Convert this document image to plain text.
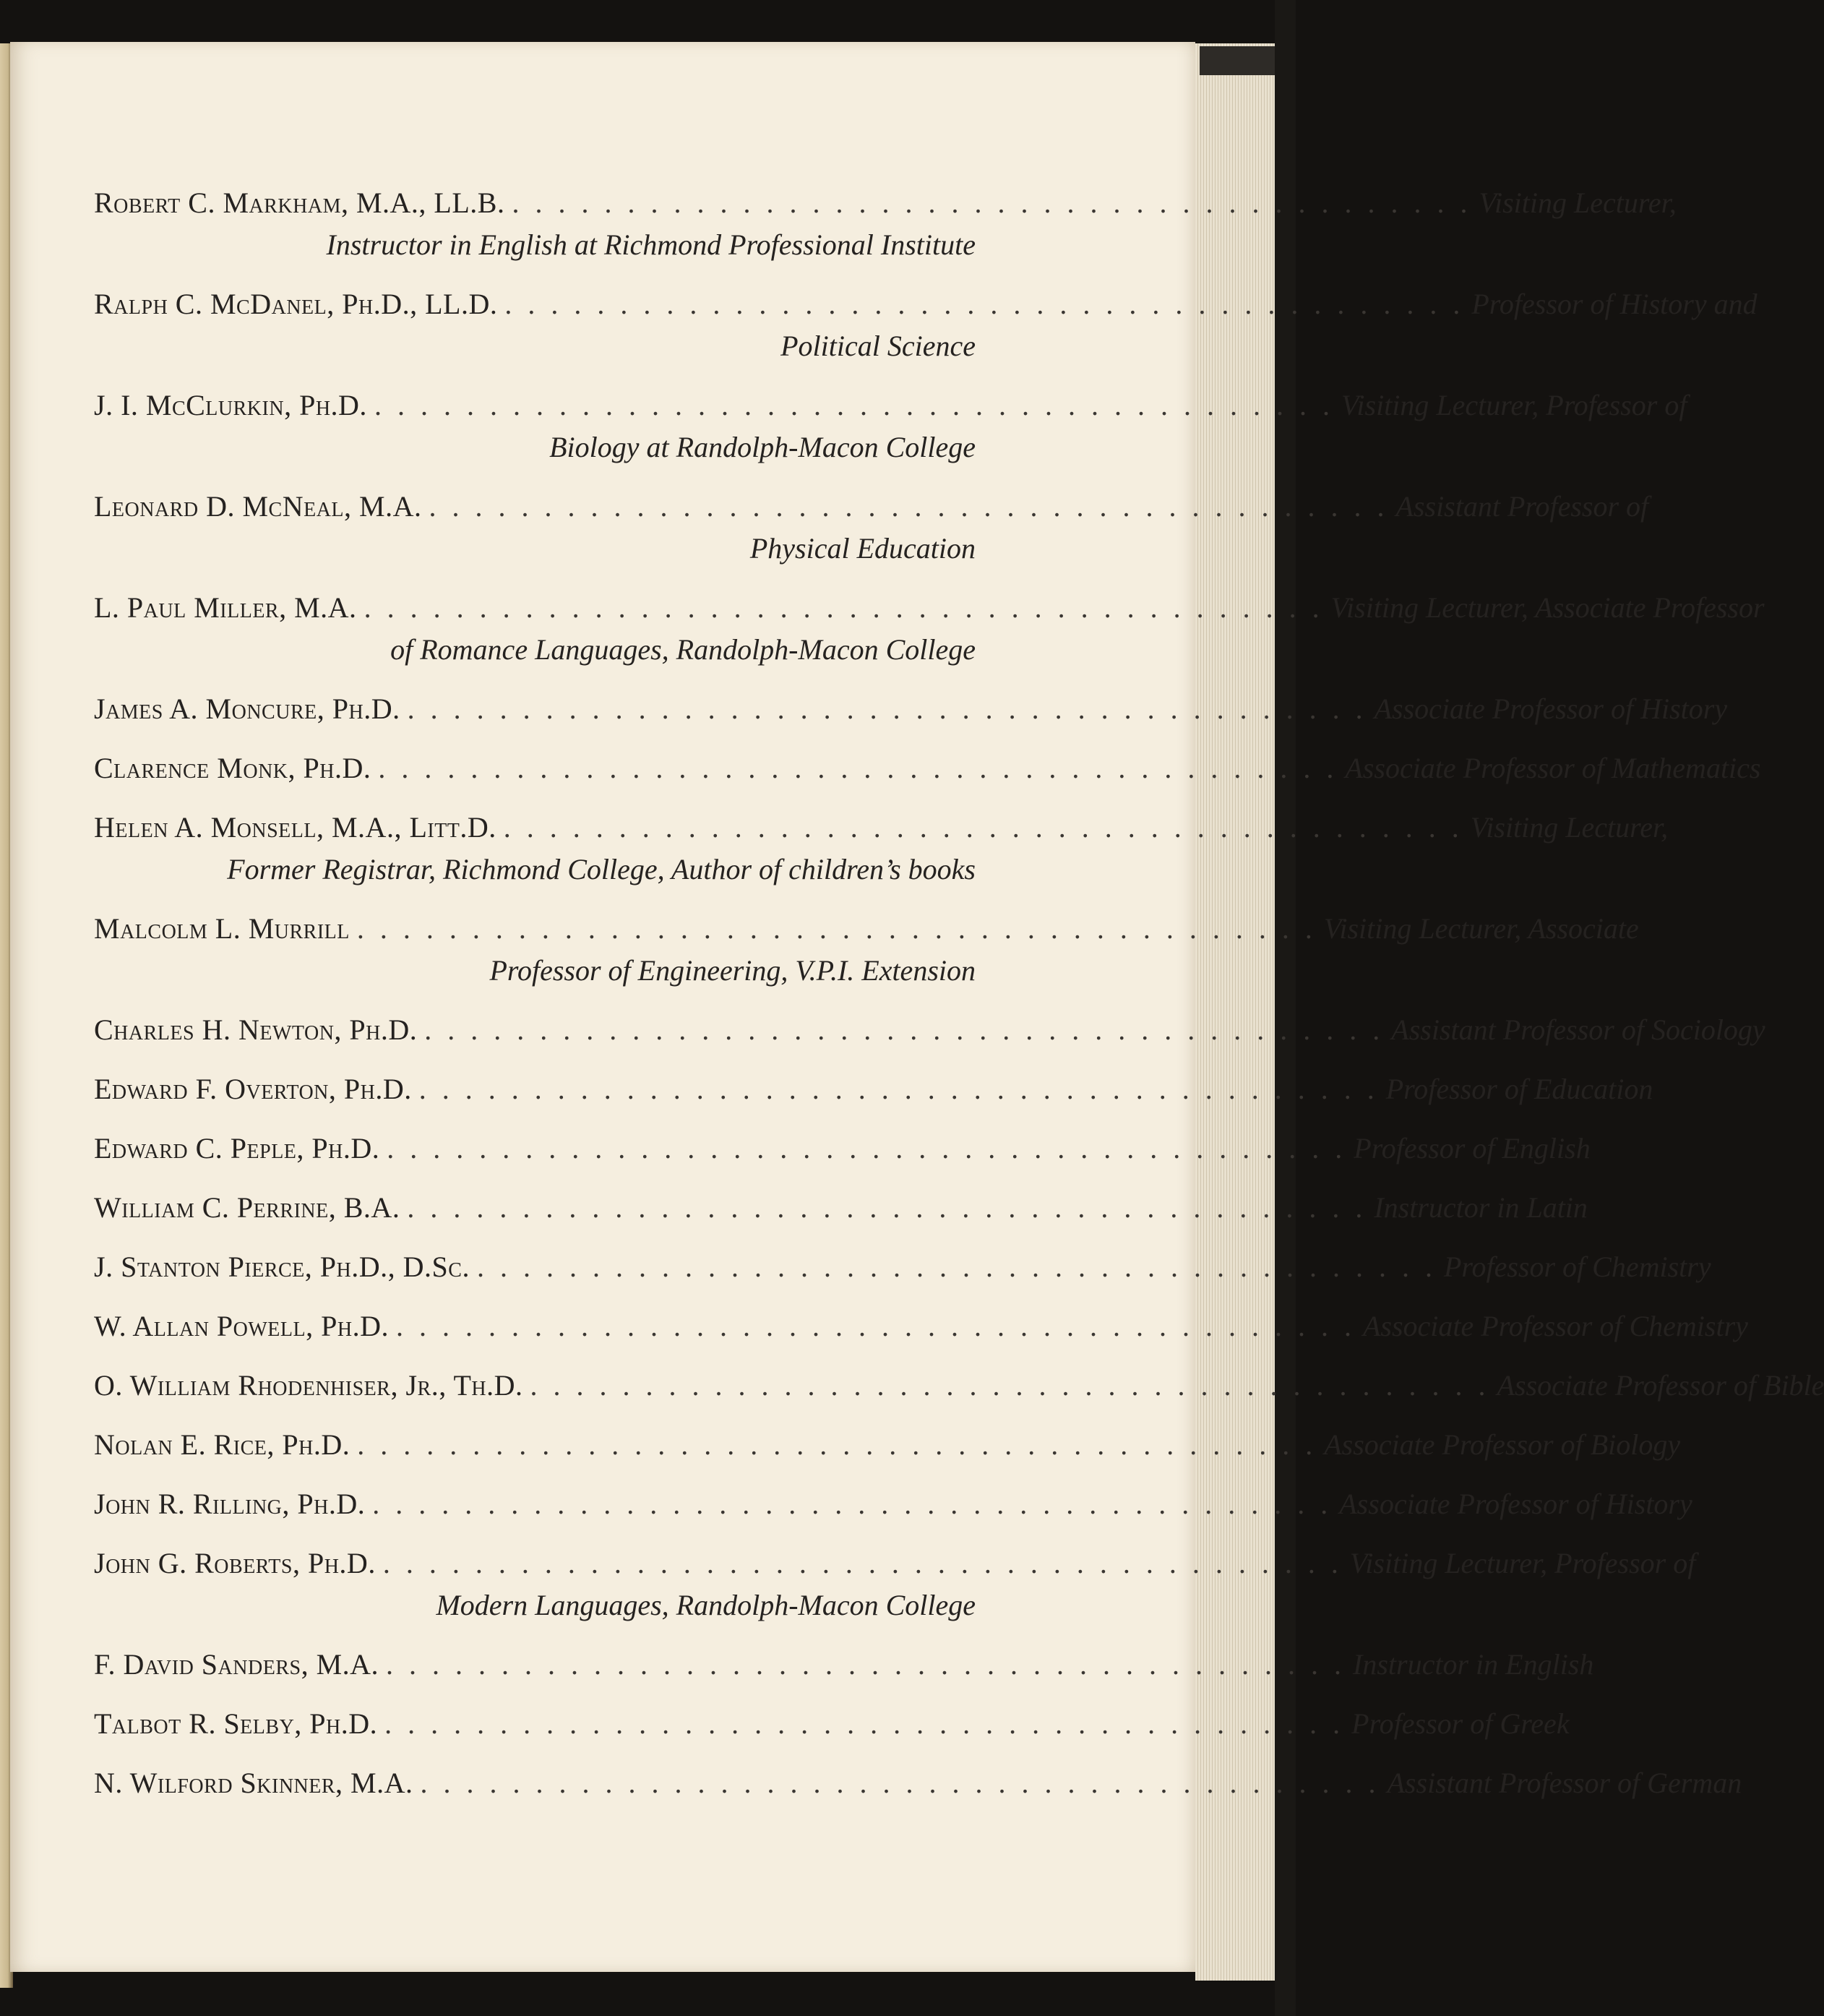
Robert C. Markham, M.A., LL.B. . . . . . . . . . . . . . . . . . . . . . . . . . . . . . . . . . . . . . . . . . . Visiting Lecturer,
Instructor in English at Richmond Professional Institute
Ralph C. McDanel, Ph.D., LL.D. . . . . . . . . . . . . . . . . . . . . . . . . . . . . . . . . . . . . . . . . . . Professor of History and
Political Science
J. I. McClurkin, Ph.D. . . . . . . . . . . . . . . . . . . . . . . . . . . . . . . . . . . . . . . . . . . Visiting Lecturer, Professor of
Biology at Randolph-Macon College
Leonard D. McNeal, M.A. . . . . . . . . . . . . . . . . . . . . . . . . . . . . . . . . . . . . . . . . . . Assistant Professor of
Physical Education
L. Paul Miller, M.A. . . . . . . . . . . . . . . . . . . . . . . . . . . . . . . . . . . . . . . . . . . Visiting Lecturer, Associate Professor
of Romance Languages, Randolph-Macon College
James A. Moncure, Ph.D. . . . . . . . . . . . . . . . . . . . . . . . . . . . . . . . . . . . . . . . . . . Associate Professor of History
Clarence Monk, Ph.D. . . . . . . . . . . . . . . . . . . . . . . . . . . . . . . . . . . . . . . . . . . Associate Professor of Mathematics
Helen A. Monsell, M.A., Litt.D. . . . . . . . . . . . . . . . . . . . . . . . . . . . . . . . . . . . . . . . . . . Visiting Lecturer,
Former Registrar, Richmond College, Author of children’s books
Malcolm L. Murrill . . . . . . . . . . . . . . . . . . . . . . . . . . . . . . . . . . . . . . . . . . Visiting Lecturer, Associate
Professor of Engineering, V.P.I. Extension
Charles H. Newton, Ph.D. . . . . . . . . . . . . . . . . . . . . . . . . . . . . . . . . . . . . . . . . . . Assistant Professor of Sociology
Edward F. Overton, Ph.D. . . . . . . . . . . . . . . . . . . . . . . . . . . . . . . . . . . . . . . . . . . Professor of Education
Edward C. Peple, Ph.D. . . . . . . . . . . . . . . . . . . . . . . . . . . . . . . . . . . . . . . . . . . Professor of English
William C. Perrine, B.A. . . . . . . . . . . . . . . . . . . . . . . . . . . . . . . . . . . . . . . . . . . Instructor in Latin
J. Stanton Pierce, Ph.D., D.Sc. . . . . . . . . . . . . . . . . . . . . . . . . . . . . . . . . . . . . . . . . . . Professor of Chemistry
W. Allan Powell, Ph.D. . . . . . . . . . . . . . . . . . . . . . . . . . . . . . . . . . . . . . . . . . . Associate Professor of Chemistry
O. William Rhodenhiser, Jr., Th.D. . . . . . . . . . . . . . . . . . . . . . . . . . . . . . . . . . . . . . . . . . . Associate Professor of Bible
Nolan E. Rice, Ph.D. . . . . . . . . . . . . . . . . . . . . . . . . . . . . . . . . . . . . . . . . . . Associate Professor of Biology
John R. Rilling, Ph.D. . . . . . . . . . . . . . . . . . . . . . . . . . . . . . . . . . . . . . . . . . . Associate Professor of History
John G. Roberts, Ph.D. . . . . . . . . . . . . . . . . . . . . . . . . . . . . . . . . . . . . . . . . . . Visiting Lecturer, Professor of
Modern Languages, Randolph-Macon College
F. David Sanders, M.A. . . . . . . . . . . . . . . . . . . . . . . . . . . . . . . . . . . . . . . . . . . Instructor in English
Talbot R. Selby, Ph.D. . . . . . . . . . . . . . . . . . . . . . . . . . . . . . . . . . . . . . . . . . . Professor of Greek
N. Wilford Skinner, M.A. . . . . . . . . . . . . . . . . . . . . . . . . . . . . . . . . . . . . . . . . . . Assistant Professor of German
